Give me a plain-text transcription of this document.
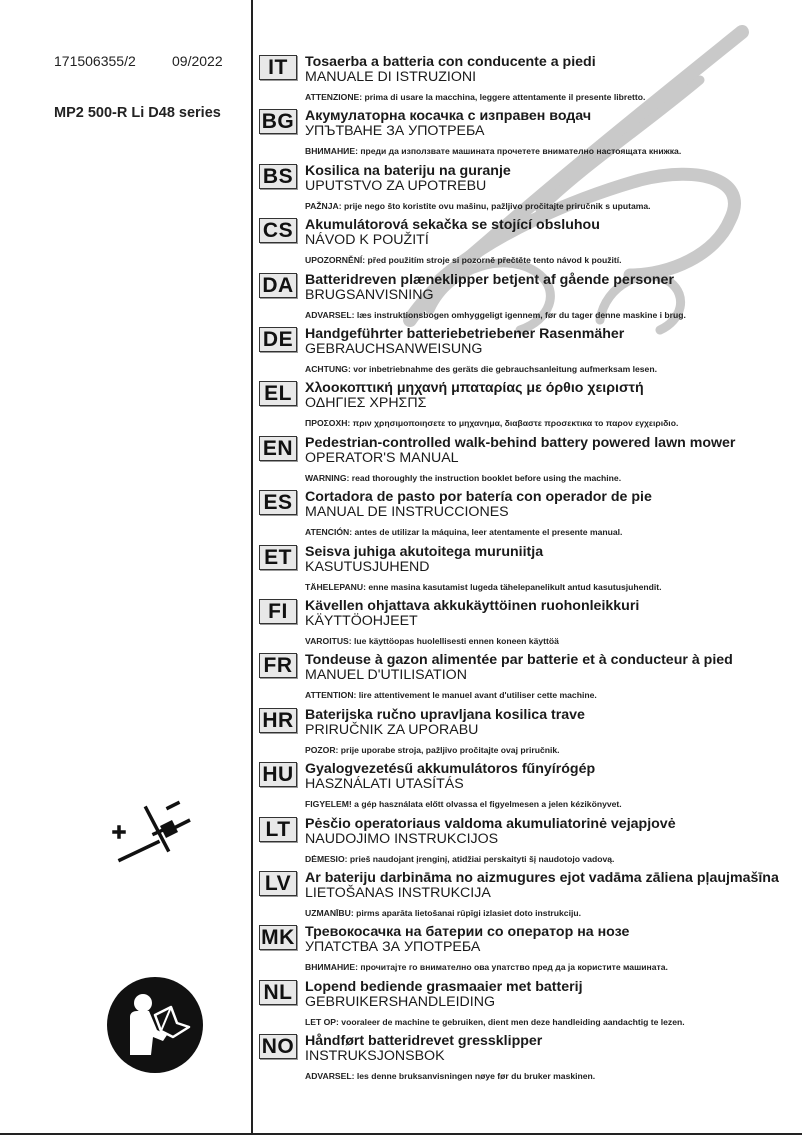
171506355/2	09/2022
MP2 500-R Li D48 series
IT	Tosaerba a batteria con conducente a piedi
MANUALE DI ISTRUZIONI
ATTENZIONE: prima di usare la macchina, leggere attentamente il presente libretto.
BG Акумулаторна косачка с изправен водач
УПЪТВАНЕ ЗА УПОТРЕБА
ВНИМАНИЕ: преди да използвате машината прочетете внимателно настоящата книжка.
BS Kosilica na bateriju na guranje
UPUTSTVO ZA UPOTREBU
PAŽNJA: prije nego što koristite ovu mašinu, pažljivo pročitajte priručnik s uputama.
CS Akumulátorová sekačka se stojící obsluhou
NÁVOD K POUŽITÍ
UPOZORNĚNÍ: před použitím stroje si pozorně přečtěte tento návod k použití.
DA Batteridreven plæneklipper betjent af gående personer
BRUGSANVISNING
ADVARSEL: læs instruktionsbogen omhyggeligt igennem, før du tager denne maskine i brug.
DE Handgeführter batteriebetriebener Rasenmäher
GEBRAUCHSANWEISUNG
ACHTUNG: vor inbetriebnahme des geräts die gebrauchsanleitung aufmerksam lesen.
EL Χλοοκοπτική μηχανή μπαταρίας με όρθιο χειριστή
ΟΔΗΓΙΕΣ ΧΡΗΣΠΣ
ΠΡΟΣΟΧΗ: πριν χρησιμοποιησετε το μηχανημα, διαβαστε προσεκτικα το παρον εγχειριδιο.
EN Pedestrian-controlled walk-behind battery powered lawn mower
OPERATOR'S MANUAL
WARNING: read thoroughly the instruction booklet before using the machine.
ES Cortadora de pasto por batería con operador de pie
MANUAL DE INSTRUCCIONES
ATENCIÓN: antes de utilizar la máquina, leer atentamente el presente manual.
ET Seisva juhiga akutoitega muruniitja
KASUTUSJUHEND
TÄHELEPANU: enne masina kasutamist lugeda tähelepanelikult antud kasutusjuhendit.
FI	Kävellen ohjattava akkukäyttöinen ruohonleikkuri
KÄYTTÖOHJEET
VAROITUS: lue käyttöopas huolellisesti ennen koneen käyttöä
FR Tondeuse à gazon alimentée par batterie et à conducteur à pied
MANUEL D'UTILISATION
ATTENTION: lire attentivement le manuel avant d'utiliser cette machine.
HR Baterijska ručno upravljana kosilica trave
PRIRUČNIK ZA UPORABU
POZOR: prije uporabe stroja, pažljivo pročitajte ovaj priručnik.
HU Gyalogvezetésű akkumulátoros fűnyírógép
HASZNÁLATI UTASÍTÁS
FIGYELEM! a gép használata előtt olvassa el figyelmesen a jelen kézikönyvet.
LT	Pėsčio operatoriaus valdoma akumuliatorinė vejapjovė
NAUDOJIMO INSTRUKCIJOS
DĖMESIO: prieš naudojant įrenginį, atidžiai perskaityti šį naudotojo vadovą.
LV Ar bateriju darbināma no aizmugures ejot vadāma zāliena pļaujmašīna
LIETOŠANAS INSTRUKCIJA
UZMANĪBU: pirms aparāta lietošanai rūpīgi izlasiet doto instrukciju.
MK Тревокосачка на батерии со оператор на нозе
УПАТСТВА ЗА УПОТРЕБА
ВНИМАНИЕ: прочитајте го внимателно ова упатство пред да ја користите машината.
NL Lopend bediende grasmaaier met batterij
GEBRUIKERSHANDLEIDING
LET OP: vooraleer de machine te gebruiken, dient men deze handleiding aandachtig te lezen.
NO Håndført batteridrevet gressklipper
INSTRUKSJONSBOK
ADVARSEL: les denne bruksanvisningen nøye før du bruker maskinen.
